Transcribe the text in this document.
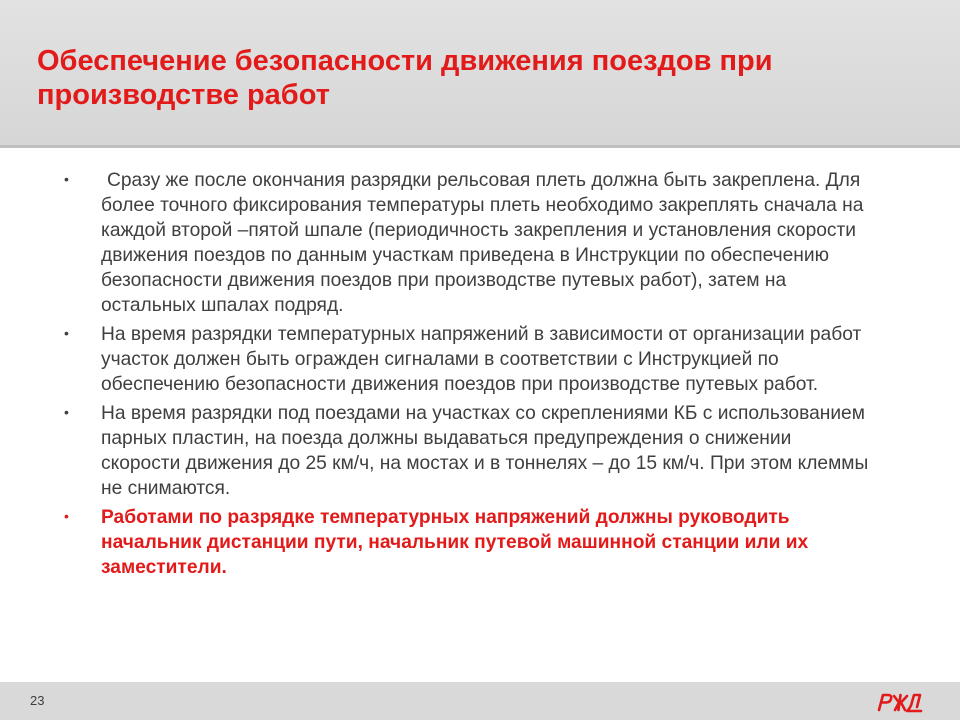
Обеспечение безопасности движения поездов при производстве работ
•	Сразу же после окончания разрядки рельсовая плеть должна быть закреплена. Для более точного фиксирования температуры плеть необходимо закреплять сначала на каждой второй –пятой шпале (периодичность закрепления и установления скорости движения поездов по данным участкам приведена в Инструкции по обеспечению безопасности движения поездов при производстве путевых работ), затем на остальных шпалах подряд.
• На время разрядки температурных напряжений в зависимости от организации работ участок должен быть огражден сигналами в соответствии с Инструкцией по обеспечению безопасности движения поездов при производстве путевых работ.
• На время разрядки под поездами на участках со скреплениями КБ с использованием парных пластин, на поезда должны выдаваться предупреждения о снижении скорости движения до 25 км/ч, на мостах и в тоннелях – до 15 км/ч. При этом клеммы не снимаются.
• Работами по разрядке температурных напряжений должны руководить начальник дистанции пути, начальник путевой машинной станции или их заместители.
23
